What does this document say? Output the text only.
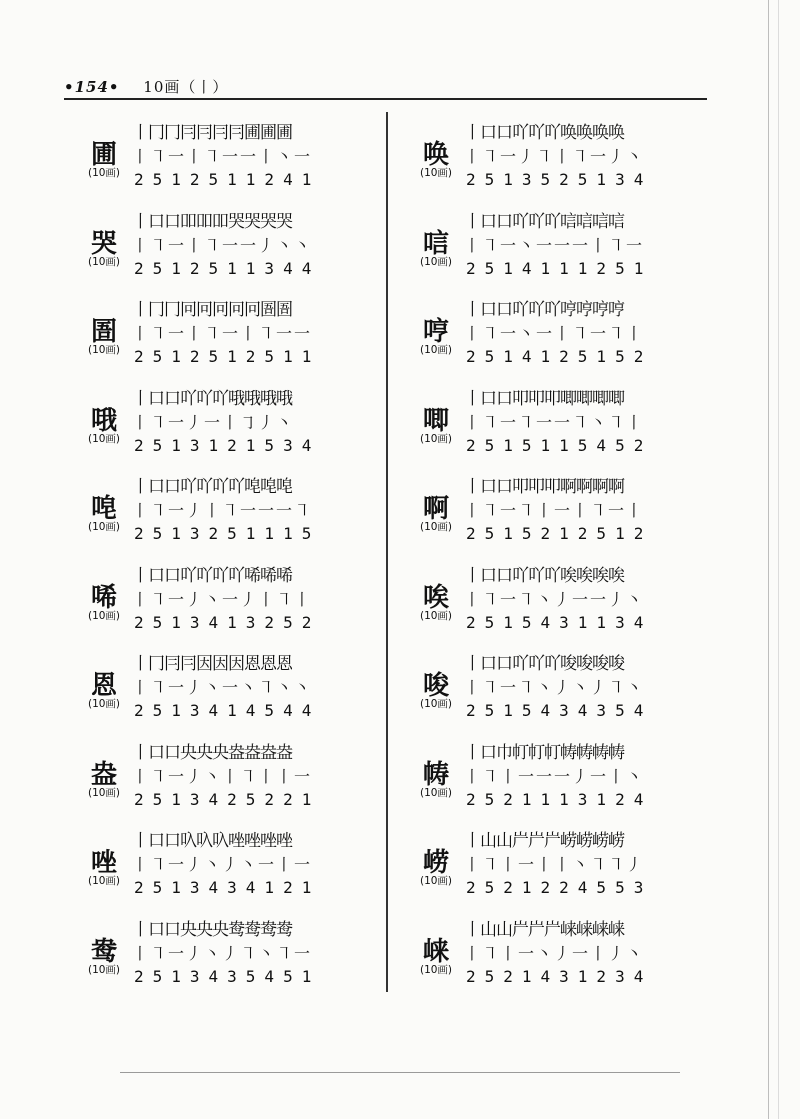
•154• 10画（丨）
圃
(10画)
丨冂冂冃冃冃冃圃圃圃
丨㇕一丨㇕一一丨丶一
2512511241
哭
(10画)
丨口口吅吅吅哭哭哭哭
丨㇕一丨㇕一一丿丶丶
2512511344
圄
(10画)
丨冂冂冋冋冋冋冋圄圄
丨㇕一丨㇕一丨㇕一一
2512512511
哦
(10画)
丨口口吖吖吖哦哦哦哦
丨㇕一丿一丨㇆丿丶
2513121534
唣
(10画)
丨口口吖吖吖吖唣唣唣
丨㇕一丿丨㇕一一一㇕
2513251115
唏
(10画)
丨口口吖吖吖吖唏唏唏
丨㇕一丿丶一丿丨㇕丨
2513413252
恩
(10画)
丨冂冃冃因因因恩恩恩
丨㇕一丿丶一丶㇕丶丶
2513414544
盎
(10画)
丨口口央央央盎盎盎盎
丨㇕一丿丶丨㇕丨丨一
2513425221
唑
(10画)
丨口口叺叺叺唑唑唑唑
丨㇕一丿丶丿丶一丨一
2513434121
鸯
(10画)
丨口口央央央鸯鸯鸯鸯
丨㇕一丿丶丿㇕丶㇕一
2513435451
唤
(10画)
丨口口吖吖吖唤唤唤唤
丨㇕一丿㇕丨㇕一丿丶
2513525134
唁
(10画)
丨口口吖吖吖唁唁唁唁
丨㇕一丶一一一丨㇕一
2514111251
哼
(10画)
丨口口吖吖吖哼哼哼哼
丨㇕一丶一丨㇕一㇕丨
2514125152
唧
(10画)
丨口口叩叩叩唧唧唧唧
丨㇕一㇕一一㇕丶㇕丨
2515115452
啊
(10画)
丨口口叩叩叩啊啊啊啊
丨㇕一㇕丨一丨㇕一丨
2515212512
唉
(10画)
丨口口吖吖吖唉唉唉唉
丨㇕一㇕丶丿一一丿丶
2515431134
唆
(10画)
丨口口吖吖吖唆唆唆唆
丨㇕一㇕丶丿丶丿㇕丶
2515434354
帱
(10画)
丨口巾帄帄帄帱帱帱帱
丨㇕丨一一一丿一丨丶
2521113124
崂
(10画)
丨山山屵屵屵崂崂崂崂
丨㇕丨一丨丨丶㇕㇕丿
2521224553
崃
(10画)
丨山山屵屵屵崃崃崃崃
丨㇕丨一丶丿一丨丿丶
2521431234
